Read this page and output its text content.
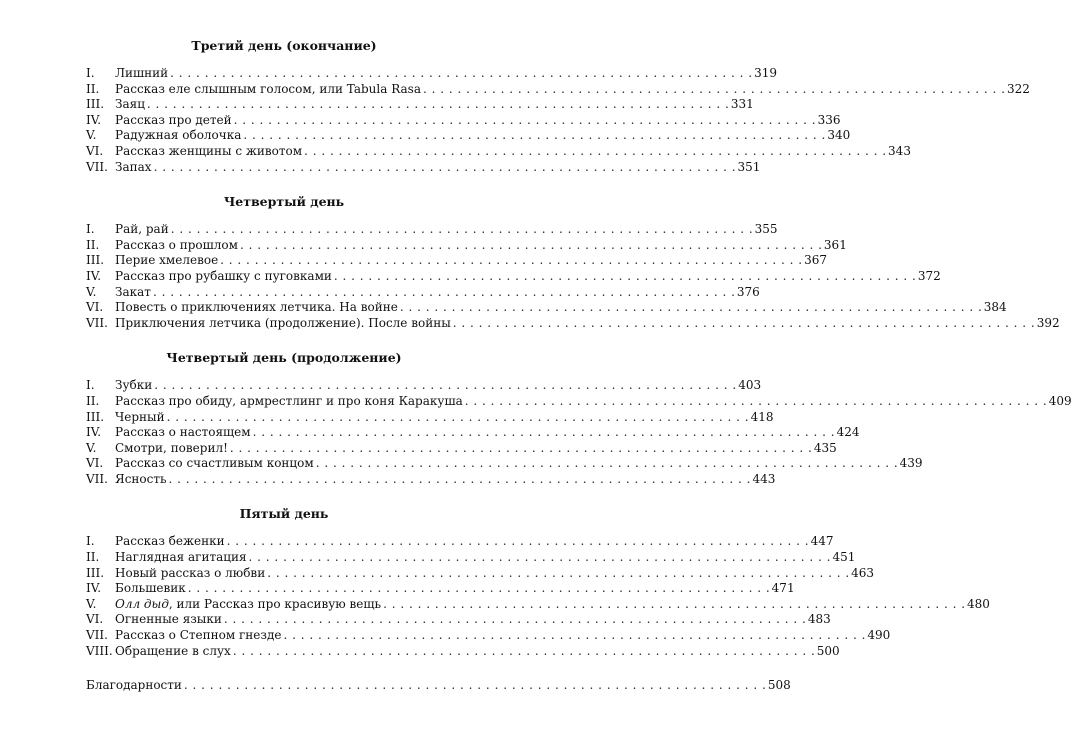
Третий день (окончание)
I.	Лишний . . .	319
II.	Рассказ еле слышным голосом, или Tabula Rasa . . .	322
III. Заяц . . .	331
IV.	Рассказ про детей . . .	336
V.	Радужная оболочка . . .	340
VI. Рассказ женщины с животом . . .	343
VII. Запах . . .	351
Четвертый день
I.	Рай, рай . . .	355
II.	Рассказ о прошлом . . .	361
III. Перие хмелевое . . .	367
IV.	Рассказ про рубашку с пуговками . . .	372
V.	Закат . . .	376
VI. Повесть о приключениях летчика. На войне . . .	384
VII. Приключения летчика (продолжение). После войны . . .	392
Четвертый день (продолжение)
I.	Зубки . . .	403
II.	Рассказ про обиду, армрестлинг и про коня Каракуша . . .	409
III. Черный . . .	418
IV.	Рассказ о настоящем . . .	424
V.	Смотри, поверил! . . .	435
VI. Рассказ со счастливым концом . . .	439
VII. Ясность . . .	443
Пятый день
I.	Рассказ беженки . . .	447
II.	Наглядная агитация . . .	451
III. Новый рассказ о любви . . .	463
IV.	Большевик . . .	471
V.	Олл дыд, или Рассказ про красивую вещь . . .	480
VI. Огненные языки . . .	483
VII. Рассказ о Степном гнезде . . .	490
VIII. Обращение в слух . . .	500
Благодарности . . .	508
